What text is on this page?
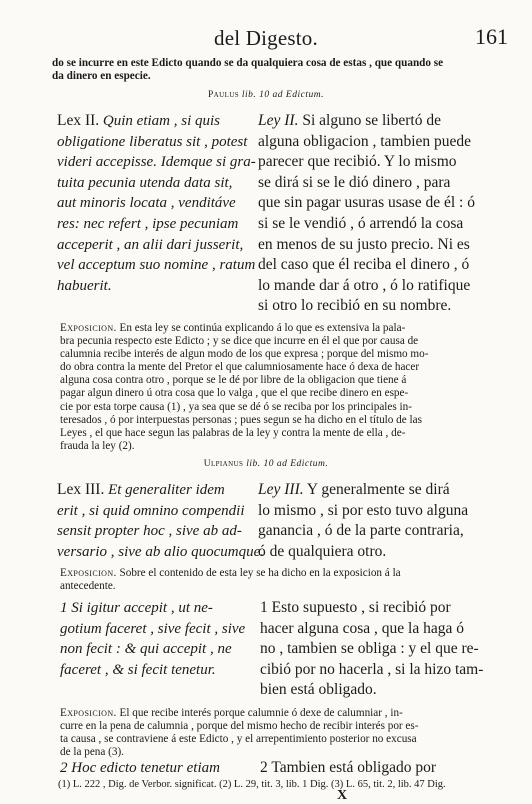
del Digesto.	161
do se incurre en este Edicto quando se da qualquiera cosa de estas , que quando se
da dinero en especie.
Paulus lib. 10 ad Edictum.
Lex II. Quin etiam , si quis
obligatione liberatus sit , potest
videri accepisse. Idemque si gra-
tuita pecunia utenda data sit,
aut minoris locata , venditáve
res: nec refert , ipse pecuniam
acceperit , an alii dari jusserit,
vel acceptum suo nomine , ratum
habuerit.
Ley II. Si alguno se libertó de
alguna obligacion , tambien puede
parecer que recibió. Y lo mismo
se dirá si se le dió dinero , para
que sin pagar usuras usase de él : ó
si se le vendió , ó arrendó la cosa
en menos de su justo precio. Ni es
del caso que él reciba el dinero , ó
lo mande dar á otro , ó lo ratifique
si otro lo recibió en su nombre.
Exposicion. En esta ley se continúa explicando á lo que es extensiva la pala-
bra pecunia respecto este Edicto ; y se dice que incurre en él el que por causa de
calumnia recibe interés de algun modo de los que expresa ; porque del mismo mo-
do obra contra la mente del Pretor el que calumniosamente hace ó dexa de hacer
alguna cosa contra otro , porque se le dé por libre de la obligacion que tiene á
pagar algun dinero ú otra cosa que lo valga , que el que recibe dinero en espe-
cie por esta torpe causa (1) , ya sea que se dé ó se reciba por los principales in-
teresados , ó por interpuestas personas ; pues segun se ha dicho en el título de las
Leyes , el que hace segun las palabras de la ley y contra la mente de ella , de-
frauda la ley (2).
Ulpianus lib. 10 ad Edictum.
Lex III. Et generaliter idem
erit , si quid omnino compendii
sensit propter hoc , sive ab ad-
versario , sive ab alio quocumque.
Ley III. Y generalmente se dirá
lo mismo , si por esto tuvo alguna
ganancia , ó de la parte contraria,
ó de qualquiera otro.
Exposicion. Sobre el contenido de esta ley se ha dicho en la exposicion á la
antecedente.
1 Si igitur accepit , ut ne-
gotium faceret , sive fecit , sive
non fecit : & qui accepit , ne
faceret , & si fecit tenetur.
1 Esto supuesto , si recibió por
hacer alguna cosa , que la haga ó
no , tambien se obliga : y el que re-
cibió por no hacerla , si la hizo tam-
bien está obligado.
Exposicion. El que recibe interés porque calumnie ó dexe de calumniar , in-
curre en la pena de calumnia , porque del mismo hecho de recibir interés por es-
ta causa , se contraviene á este Edicto , y el arrepentimiento posterior no excusa
de la pena (3).
2 Hoc edicto tenetur etiam	2 Tambien está obligado por
(1) L. 222 , Dig. de Verbor. significat. (2) L. 29, tit. 3, lib. 1 Dig. (3) L. 65, tit. 2, lib. 47 Dig.
X
